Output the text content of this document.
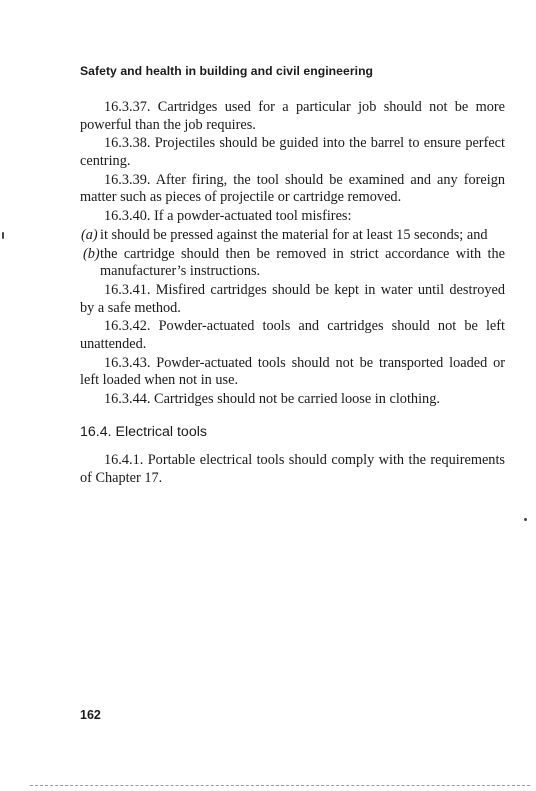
Safety and health in building and civil engineering

16.3.37. Cartridges used for a particular job should not be more powerful than the job requires.

16.3.38. Projectiles should be guided into the barrel to ensure perfect centring.

16.3.39. After firing, the tool should be examined and any foreign matter such as pieces of projectile or cartridge removed.

16.3.40. If a powder-actuated tool misfires:

(a) it should be pressed against the material for at least 15 seconds; and
(b) the cartridge should then be removed in strict accordance with the manufacturer’s instructions.

16.3.41. Misfired cartridges should be kept in water until destroyed by a safe method.

16.3.42. Powder-actuated tools and cartridges should not be left unattended.

16.3.43. Powder-actuated tools should not be transported loaded or left loaded when not in use.

16.3.44. Cartridges should not be carried loose in clothing.

16.4. Electrical tools

16.4.1. Portable electrical tools should comply with the requirements of Chapter 17.

162
